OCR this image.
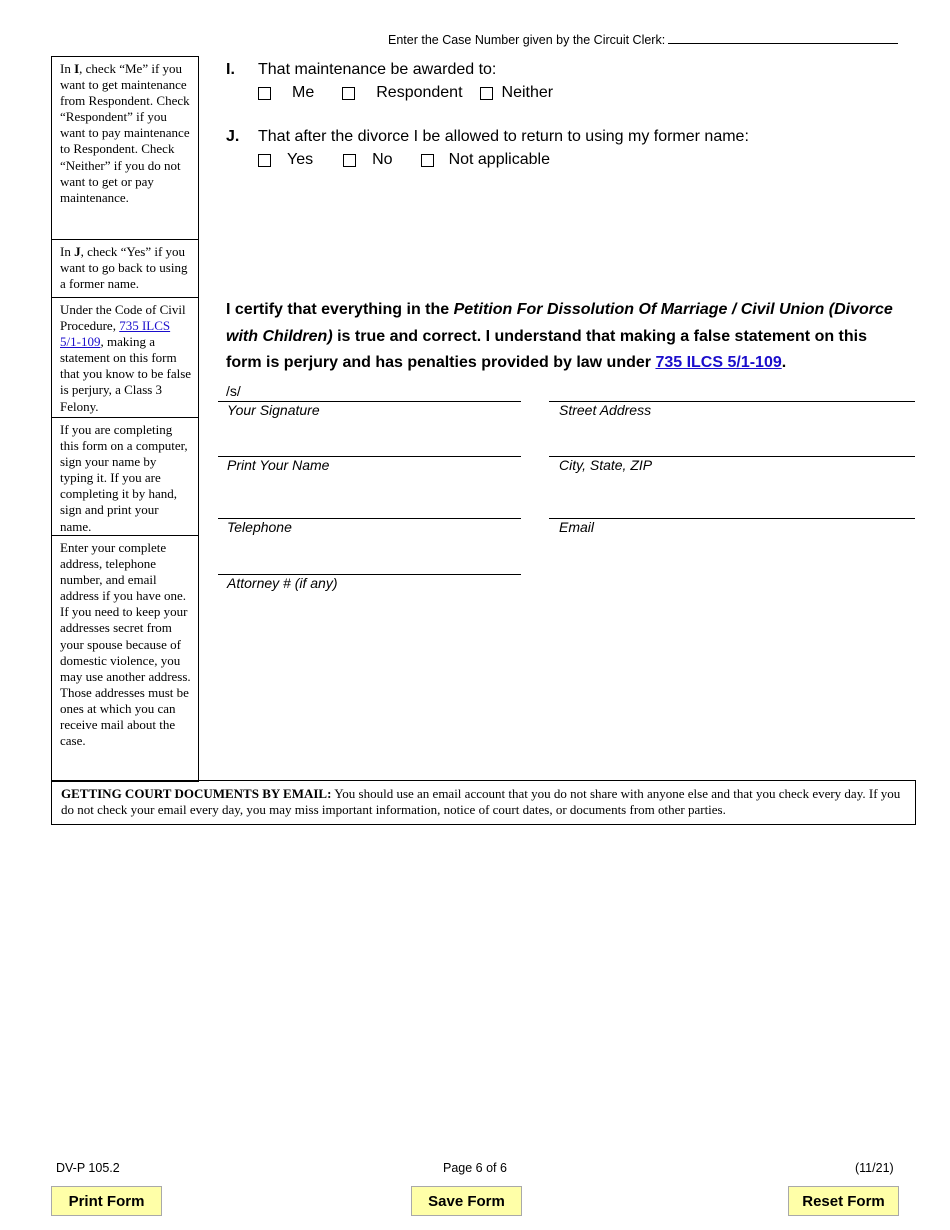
Enter the Case Number given by the Circuit Clerk:
In I, check “Me” if you want to get maintenance from Respondent. Check “Respondent” if you want to pay maintenance to Respondent. Check “Neither” if you do not want to get or pay maintenance.
In J, check “Yes” if you want to go back to using a former name.
Under the Code of Civil Procedure, 735 ILCS 5/1-109, making a statement on this form that you know to be false is perjury, a Class 3 Felony.
If you are completing this form on a computer, sign your name by typing it. If you are completing it by hand, sign and print your name.
Enter your complete address, telephone number, and email address if you have one. If you need to keep your addresses secret from your spouse because of domestic violence, you may use another address. Those addresses must be ones at which you can receive mail about the case.
I. That maintenance be awarded to:
Me	Respondent Neither
J. That after the divorce I be allowed to return to using my former name:
Yes	No	Not applicable
I certify that everything in the Petition For Dissolution Of Marriage / Civil Union (Divorce with Children) is true and correct. I understand that making a false statement on this form is perjury and has penalties provided by law under 735 ILCS 5/1-109.
/s/
Your Signature	Street Address
Print Your Name	City, State, ZIP
Telephone	Email
Attorney # (if any)
GETTING COURT DOCUMENTS BY EMAIL: You should use an email account that you do not share with anyone else and that you check every day. If you do not check your email every day, you may miss important information, notice of court dates, or documents from other parties.
DV-P 105.2	Page 6 of 6	(11/21)
Print Form	Save Form	Reset Form
